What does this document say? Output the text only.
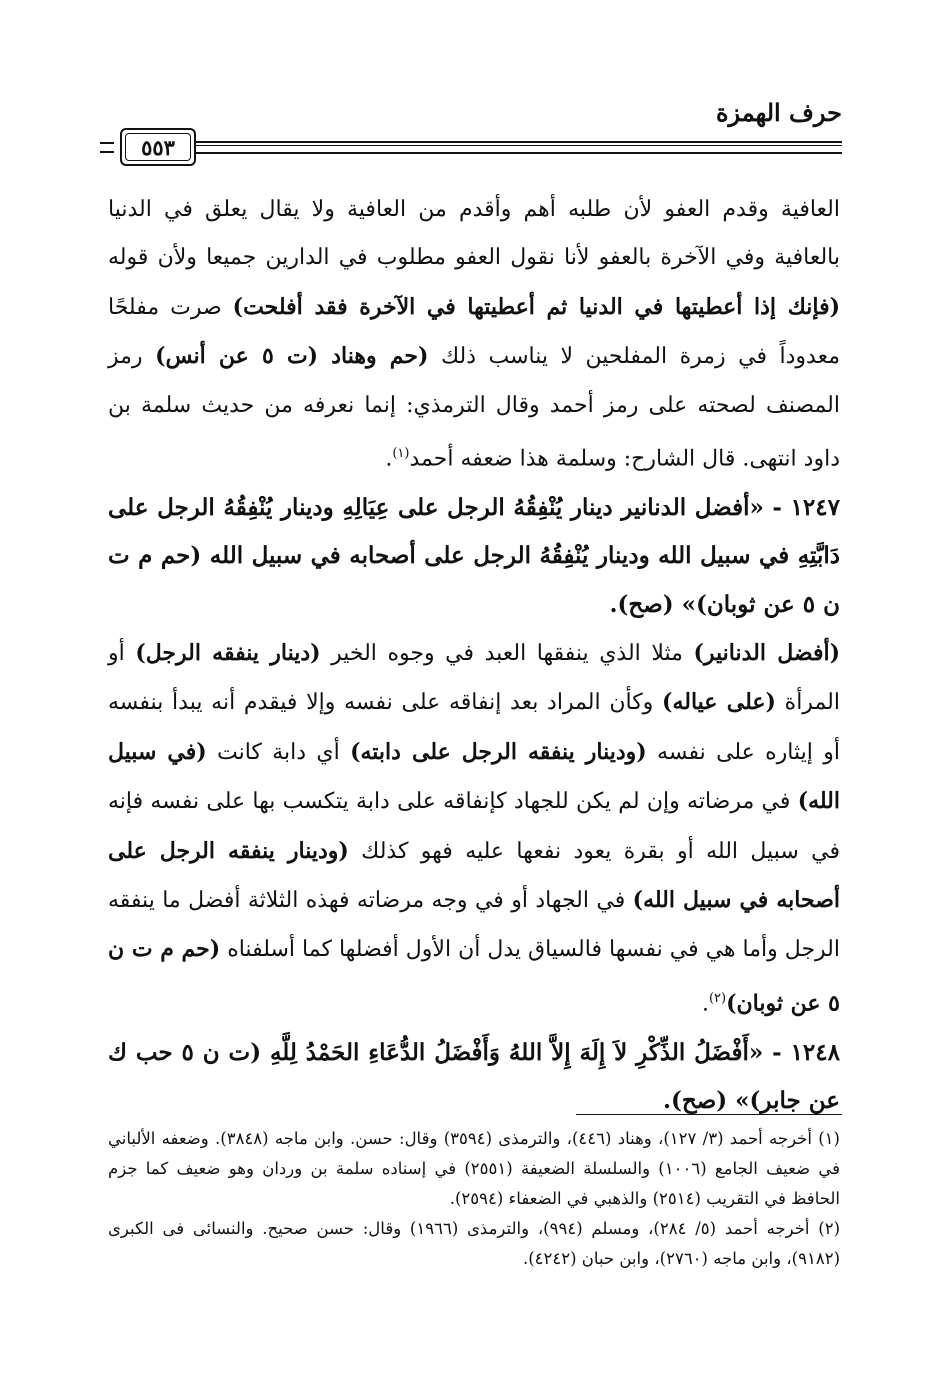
حرف الهمزة
٥٥٣

العافية وقدم العفو لأن طلبه أهم وأقدم من العافية ولا يقال يعلق في الدنيا بالعافية وفي الآخرة بالعفو لأنا نقول العفو مطلوب في الدارين جميعا ولأن قوله (فإنك إذا أعطيتها في الدنيا ثم أعطيتها في الآخرة فقد أفلحت) صرت مفلحًا معدوداً في زمرة المفلحين لا يناسب ذلك (حم وهناد (ت ٥ عن أنس) رمز المصنف لصحته على رمز أحمد وقال الترمذي: إنما نعرفه من حديث سلمة بن داود انتهى. قال الشارح: وسلمة هذا ضعفه أحمد$^{(١)}$.

١٢٤٧ - «أفضل الدنانير دينار يُنْفِقُهُ الرجل على عِيَالِهِ ودينار يُنْفِقُهُ الرجل على دَابَّتِهِ في سبيل الله ودينار يُنْفِقُهُ الرجل على أصحابه في سبيل الله (حم م ت ن ٥ عن ثوبان)» (صح).

(أفضل الدنانير) مثلا الذي ينفقها العبد في وجوه الخير (دينار ينفقه الرجل) أو المرأة (على عياله) وكأن المراد بعد إنفاقه على نفسه وإلا فيقدم أنه يبدأ بنفسه أو إيثاره على نفسه (ودينار ينفقه الرجل على دابته) أي دابة كانت (في سبيل الله) في مرضاته وإن لم يكن للجهاد كإنفاقه على دابة يتكسب بها على نفسه فإنه في سبيل الله أو بقرة يعود نفعها عليه فهو كذلك (ودينار ينفقه الرجل على أصحابه في سبيل الله) في الجهاد أو في وجه مرضاته فهذه الثلاثة أفضل ما ينفقه الرجل وأما هي في نفسها فالسياق يدل أن الأول أفضلها كما أسلفناه (حم م ت ن ٥ عن ثوبان)$^{(٢)}$.

١٢٤٨ - «أَفْضَلُ الذِّكْرِ لاَ إِلَهَ إِلاَّ اللهُ وَأَفْضَلُ الدُّعَاءِ الحَمْدُ لِلَّهِ (ت ن ٥ حب ك عن جابر)» (صح).

(١) أخرجه أحمد (٣/ ١٢٧)، وهناد (٤٤٦)، والترمذى (٣٥٩٤) وقال: حسن. وابن ماجه (٣٨٤٨). وضعفه الألباني في ضعيف الجامع (١٠٠٦) والسلسلة الضعيفة (٢٥٥١) في إسناده سلمة بن وردان وهو ضعيف كما جزم الحافظ في التقريب (٢٥١٤) والذهبي في الضعفاء (٢٥٩٤).

(٢) أخرجه أحمد (٥/ ٢٨٤)، ومسلم (٩٩٤)، والترمذى (١٩٦٦) وقال: حسن صحيح. والنسائى فى الكبرى (٩١٨٢)، وابن ماجه (٢٧٦٠)، وابن حبان (٤٢٤٢).
